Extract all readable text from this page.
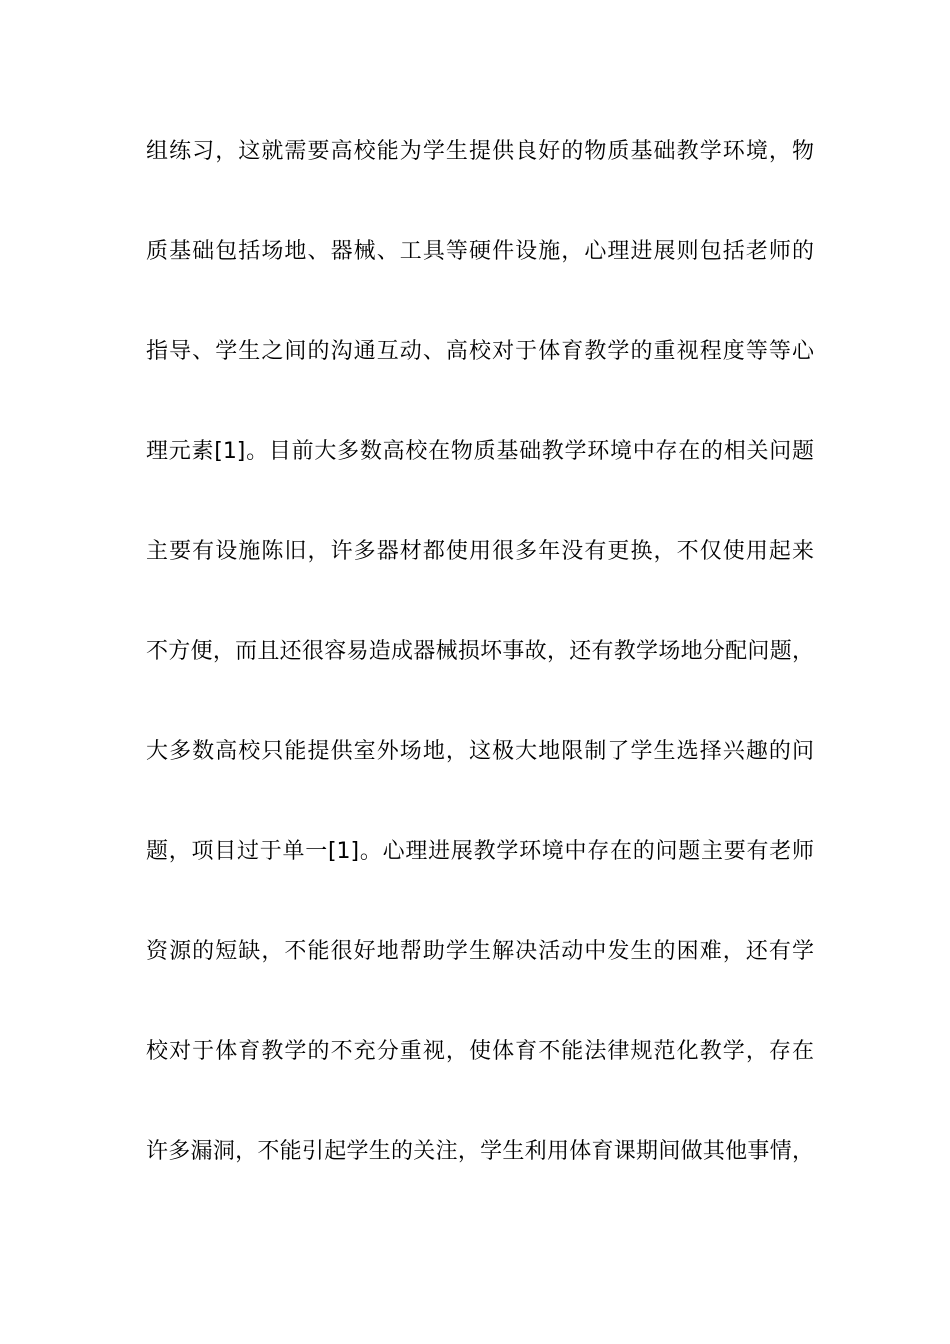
组练习，这就需要高校能为学生提供良好的物质基础教学环境，物
质基础包括场地、器械、工具等硬件设施，心理进展则包括老师的
指导、学生之间的沟通互动、高校对于体育教学的重视程度等等心
理元素[1]。目前大多数高校在物质基础教学环境中存在的相关问题
主要有设施陈旧，许多器材都使用很多年没有更换，不仅使用起来
不方便，而且还很容易造成器械损坏事故，还有教学场地分配问题，
大多数高校只能提供室外场地，这极大地限制了学生选择兴趣的问
题，项目过于单一[1]。心理进展教学环境中存在的问题主要有老师
资源的短缺，不能很好地帮助学生解决活动中发生的困难，还有学
校对于体育教学的不充分重视，使体育不能法律规范化教学，存在
许多漏洞，不能引起学生的关注，学生利用体育课期间做其他事情，
